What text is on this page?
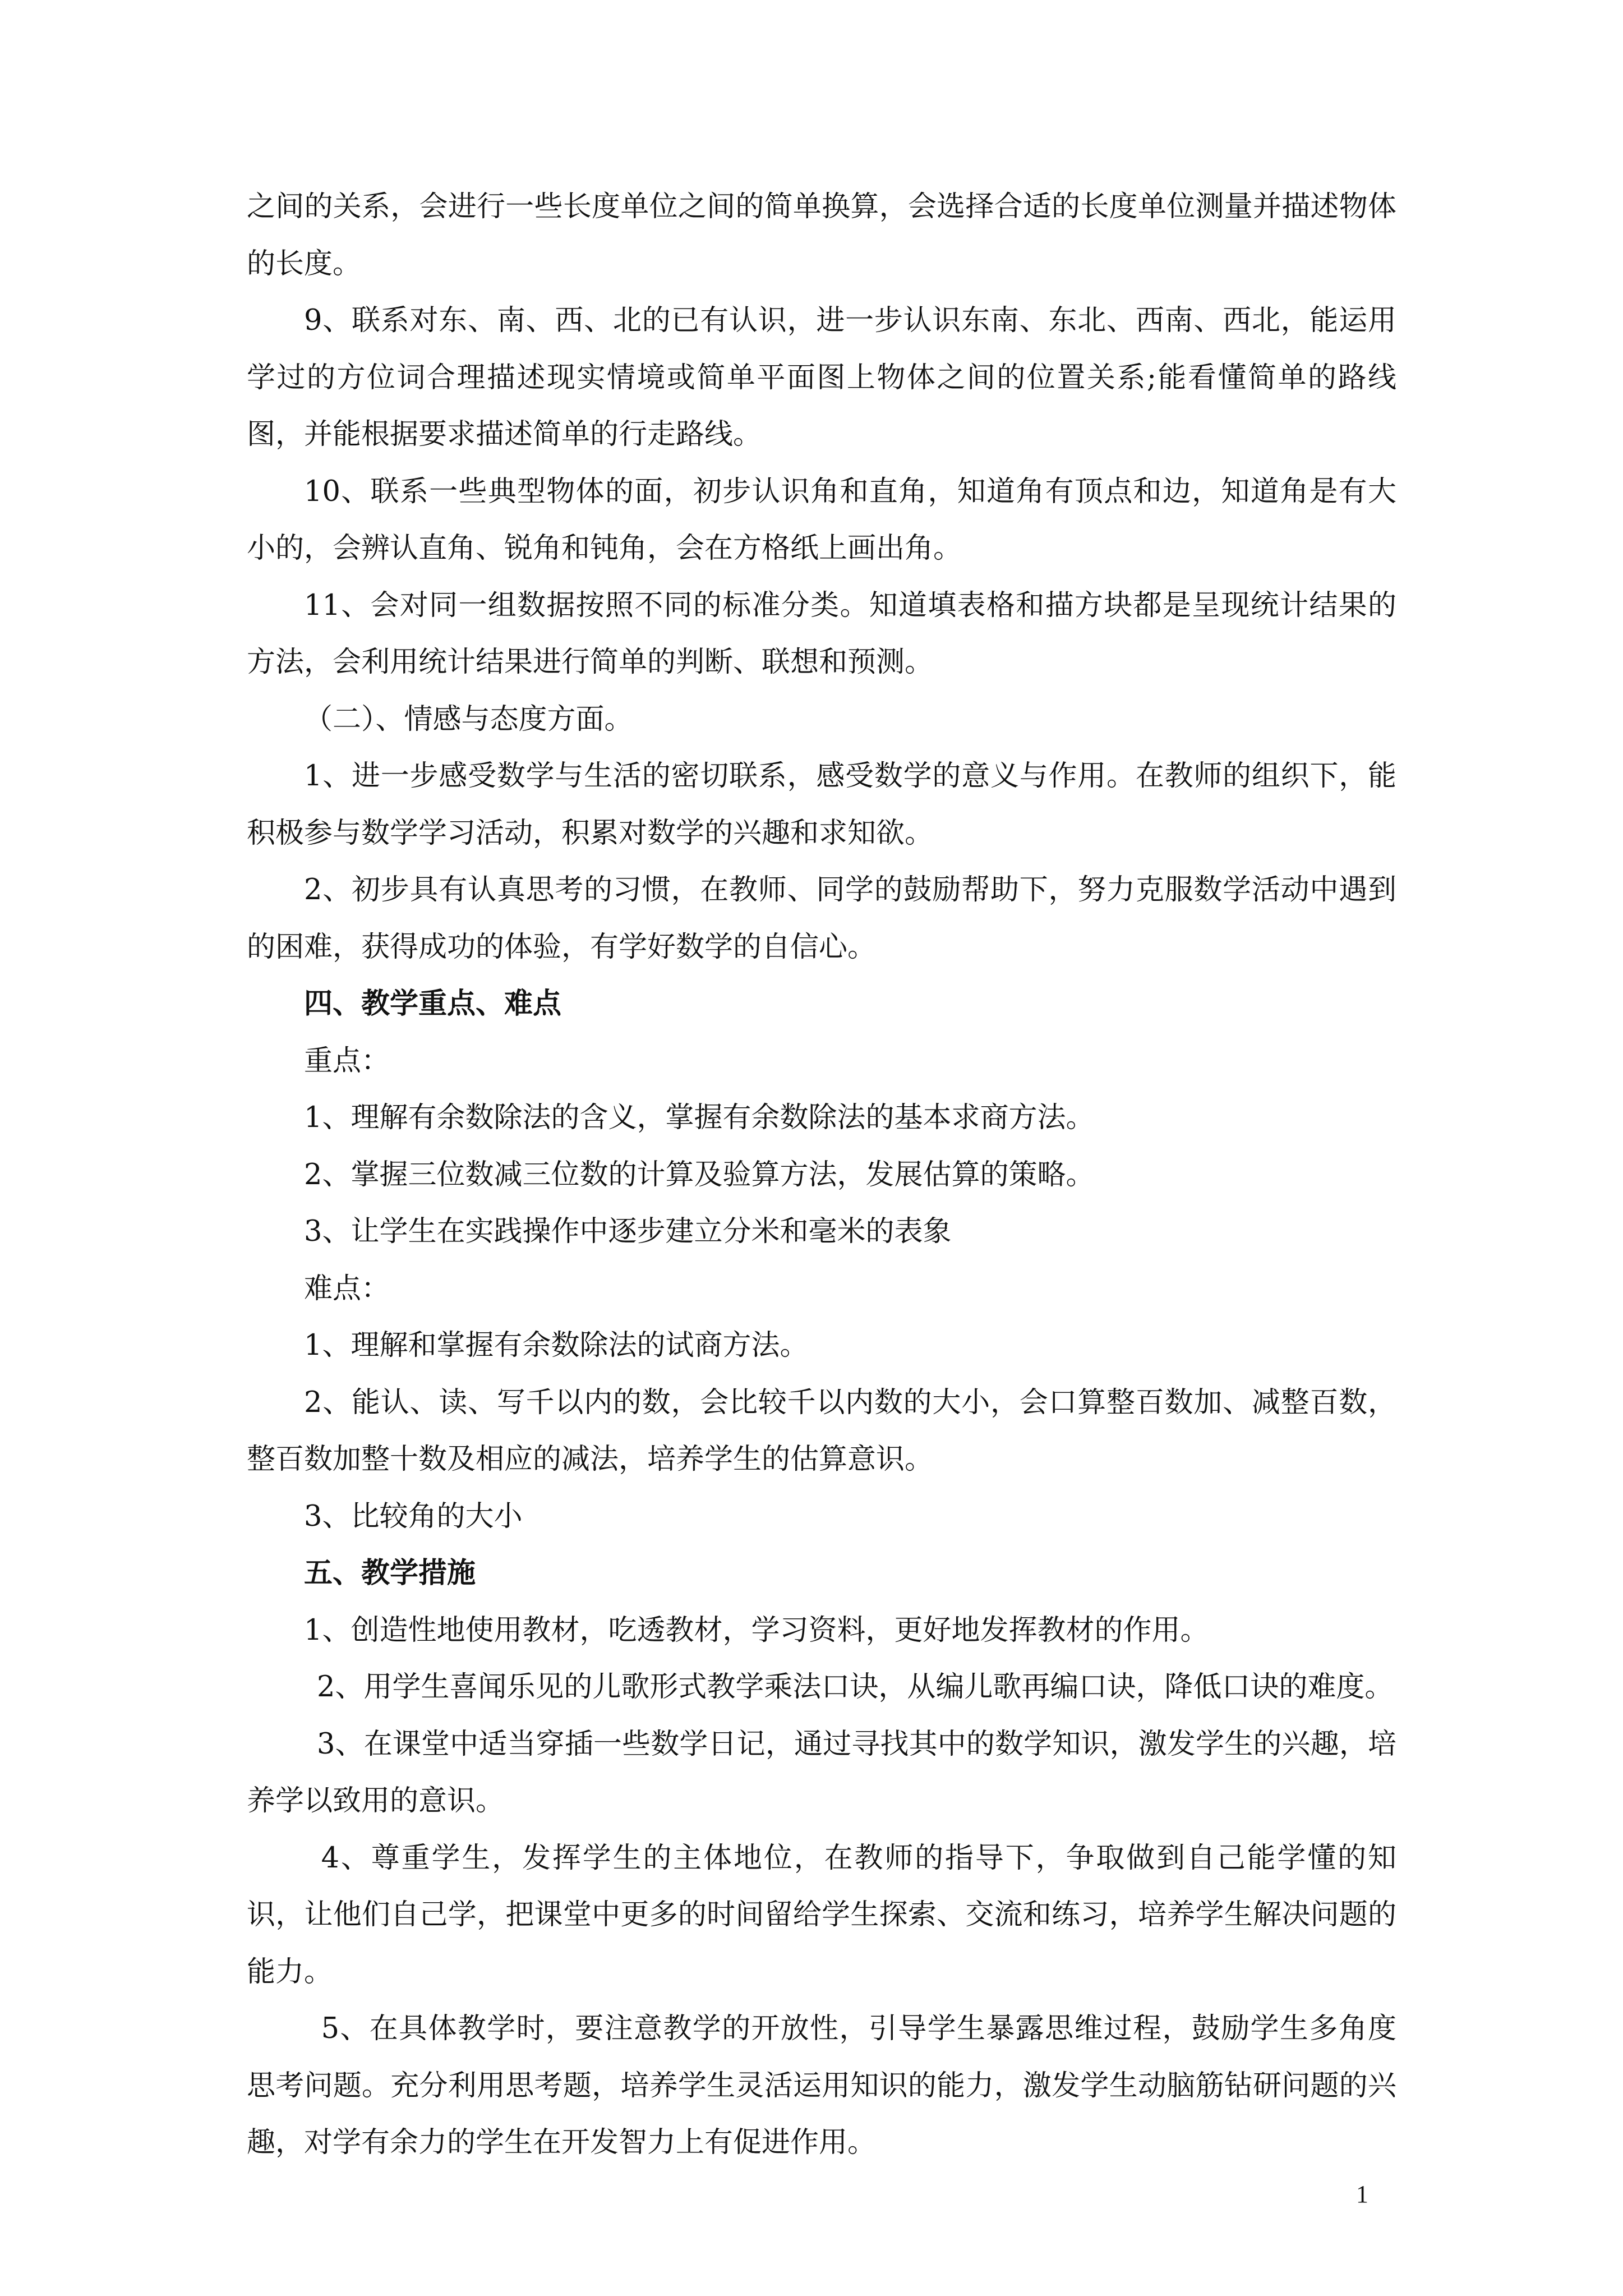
之间的关系，会进行一些长度单位之间的简单换算，会选择合适的长度单位测量并描述物体的长度。

9、联系对东、南、西、北的已有认识，进一步认识东南、东北、西南、西北，能运用学过的方位词合理描述现实情境或简单平面图上物体之间的位置关系;能看懂简单的路线图，并能根据要求描述简单的行走路线。

10、联系一些典型物体的面，初步认识角和直角，知道角有顶点和边，知道角是有大小的，会辨认直角、锐角和钝角，会在方格纸上画出角。

11、会对同一组数据按照不同的标准分类。知道填表格和描方块都是呈现统计结果的方法，会利用统计结果进行简单的判断、联想和预测。

（二）、情感与态度方面。

1、进一步感受数学与生活的密切联系，感受数学的意义与作用。在教师的组织下，能积极参与数学学习活动，积累对数学的兴趣和求知欲。

2、初步具有认真思考的习惯，在教师、同学的鼓励帮助下，努力克服数学活动中遇到的困难，获得成功的体验，有学好数学的自信心。

四、教学重点、难点

重点：

1、理解有余数除法的含义，掌握有余数除法的基本求商方法。

2、掌握三位数减三位数的计算及验算方法，发展估算的策略。

3、让学生在实践操作中逐步建立分米和毫米的表象

难点：

1、理解和掌握有余数除法的试商方法。

2、能认、读、写千以内的数，会比较千以内数的大小，会口算整百数加、减整百数，整百数加整十数及相应的减法，培养学生的估算意识。

3、比较角的大小

五、教学措施

1、创造性地使用教材，吃透教材，学习资料，更好地发挥教材的作用。

2、用学生喜闻乐见的儿歌形式教学乘法口诀，从编儿歌再编口诀，降低口诀的难度。

3、在课堂中适当穿插一些数学日记，通过寻找其中的数学知识，激发学生的兴趣，培养学以致用的意识。

4、尊重学生，发挥学生的主体地位，在教师的指导下，争取做到自己能学懂的知识，让他们自己学，把课堂中更多的时间留给学生探索、交流和练习，培养学生解决问题的能力。

5、在具体教学时，要注意教学的开放性，引导学生暴露思维过程，鼓励学生多角度思考问题。充分利用思考题，培养学生灵活运用知识的能力，激发学生动脑筋钻研问题的兴趣，对学有余力的学生在开发智力上有促进作用。

1
